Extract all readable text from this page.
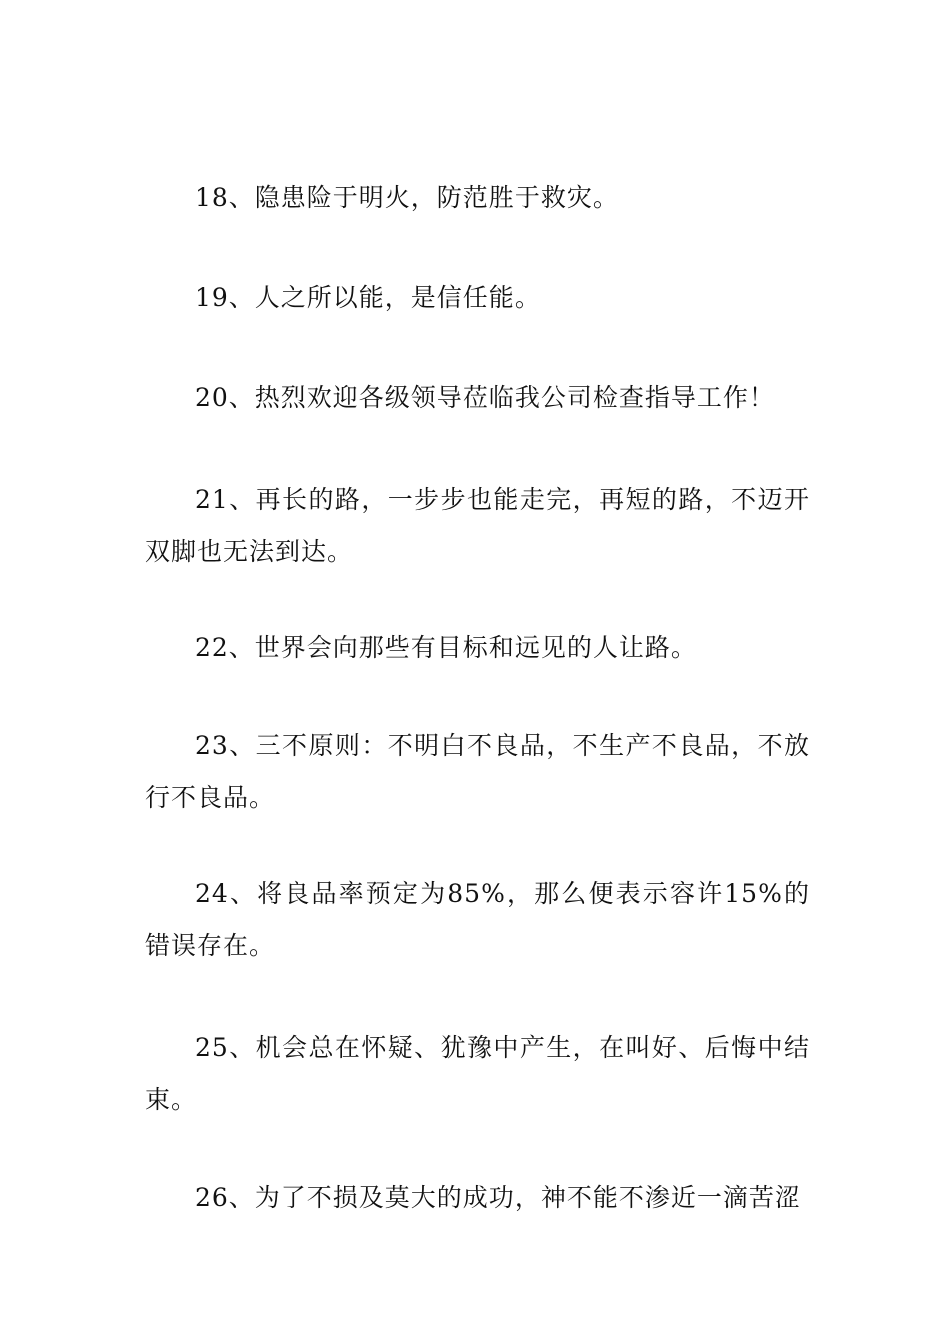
18、隐患险于明火，防范胜于救灾。

19、人之所以能，是信任能。

20、热烈欢迎各级领导莅临我公司检查指导工作！

21、再长的路，一步步也能走完，再短的路，不迈开双脚也无法到达。

22、世界会向那些有目标和远见的人让路。

23、三不原则：不明白不良品，不生产不良品，不放行不良品。

24、将良品率预定为85%，那么便表示容许15%的错误存在。

25、机会总在怀疑、犹豫中产生，在叫好、后悔中结束。

26、为了不损及莫大的成功，神不能不渗近一滴苦涩
